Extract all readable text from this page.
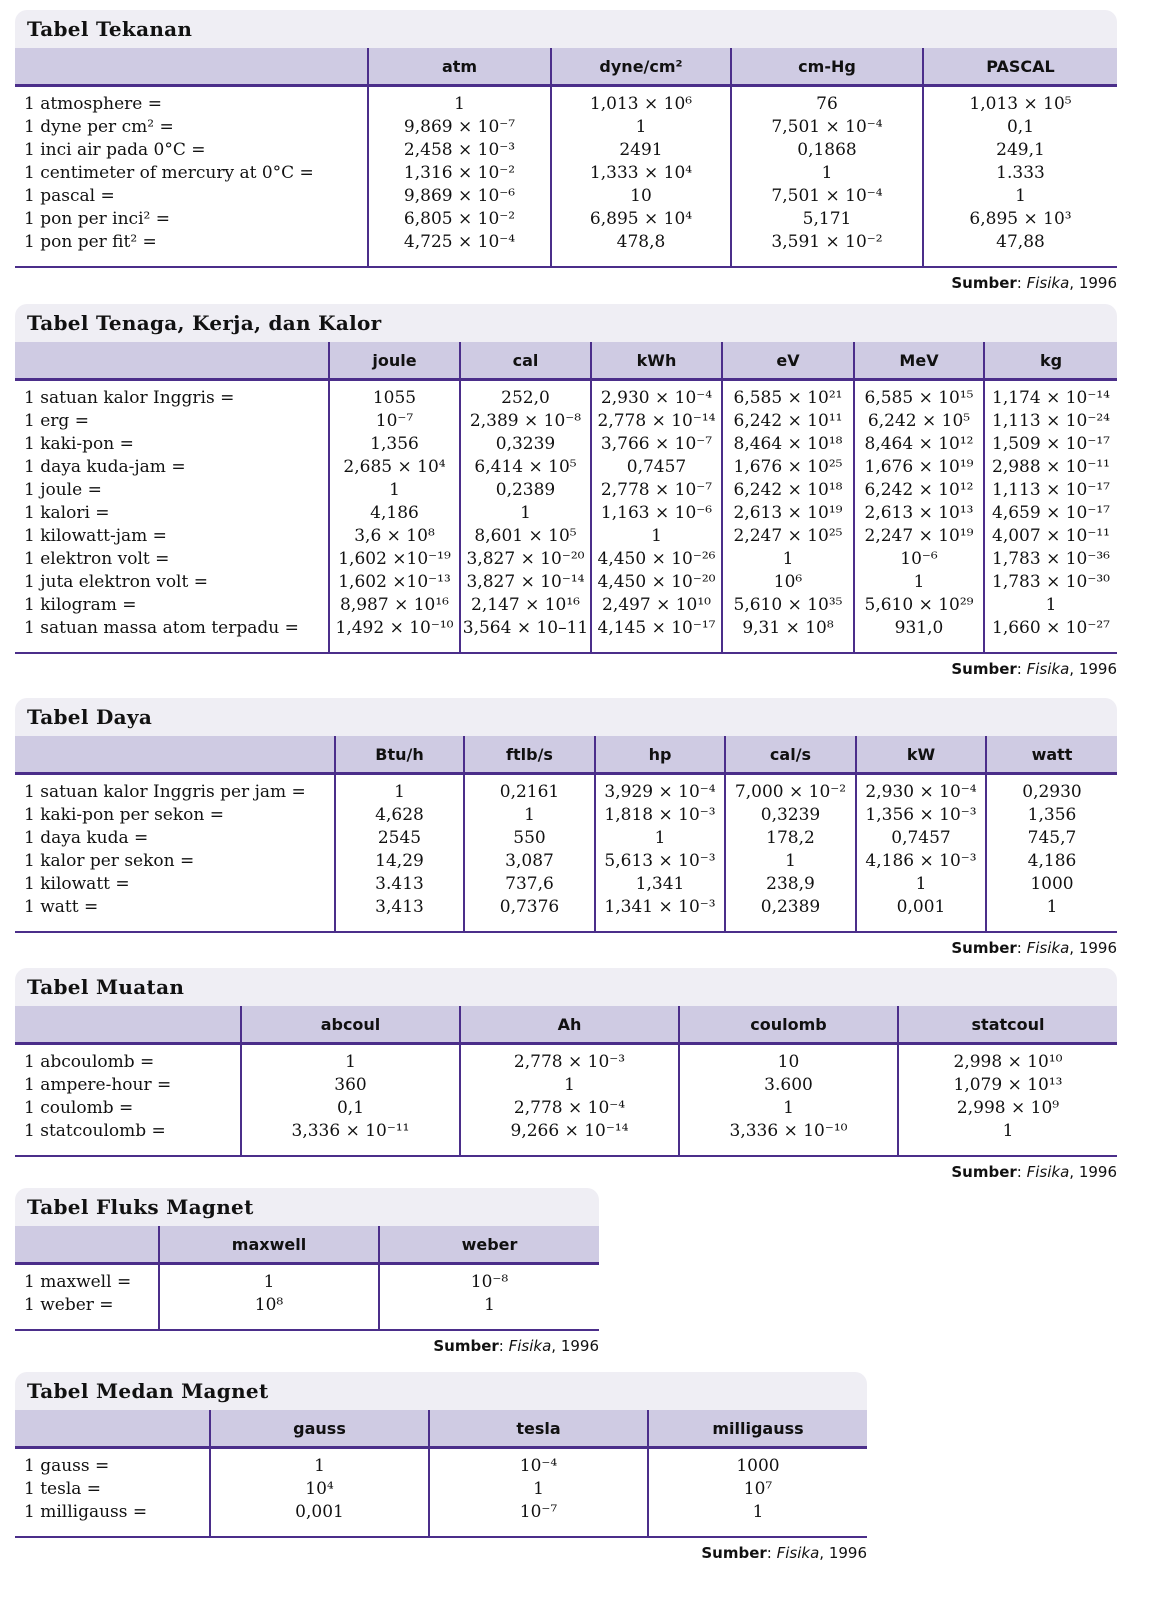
Tabel Tekanan
	atm	dyne/cm²	cm-Hg	PASCAL
1 atmosphere =	1	1,013 × 10⁶	76	1,013 × 10⁵
1 dyne per cm² =	9,869 × 10⁻⁷	1	7,501 × 10⁻⁴	0,1
1 inci air pada 0°C =	2,458 × 10⁻³	2491	0,1868	249,1
1 centimeter of mercury at 0°C =	1,316 × 10⁻²	1,333 × 10⁴	1	1.333
1 pascal =	9,869 × 10⁻⁶	10	7,501 × 10⁻⁴	1
1 pon per inci² =	6,805 × 10⁻²	6,895 × 10⁴	5,171	6,895 × 10³
1 pon per fit² =	4,725 × 10⁻⁴	478,8	3,591 × 10⁻²	47,88
Sumber: Fisika, 1996
Tabel Tenaga, Kerja, dan Kalor
	joule	cal	kWh	eV	MeV	kg
1 satuan kalor Inggris =	1055	252,0	2,930 × 10⁻⁴	6,585 × 10²¹	6,585 × 10¹⁵	1,174 × 10⁻¹⁴
1 erg =	10⁻⁷	2,389 × 10⁻⁸	2,778 × 10⁻¹⁴	6,242 × 10¹¹	6,242 × 10⁵	1,113 × 10⁻²⁴
1 kaki-pon =	1,356	0,3239	3,766 × 10⁻⁷	8,464 × 10¹⁸	8,464 × 10¹²	1,509 × 10⁻¹⁷
1 daya kuda-jam =	2,685 × 10⁴	6,414 × 10⁵	0,7457	1,676 × 10²⁵	1,676 × 10¹⁹	2,988 × 10⁻¹¹
1 joule =	1	0,2389	2,778 × 10⁻⁷	6,242 × 10¹⁸	6,242 × 10¹²	1,113 × 10⁻¹⁷
1 kalori =	4,186	1	1,163 × 10⁻⁶	2,613 × 10¹⁹	2,613 × 10¹³	4,659 × 10⁻¹⁷
1 kilowatt-jam =	3,6 × 10⁸	8,601 × 10⁵	1	2,247 × 10²⁵	2,247 × 10¹⁹	4,007 × 10⁻¹¹
1 elektron volt =	1,602 ×10⁻¹⁹	3,827 × 10⁻²⁰	4,450 × 10⁻²⁶	1	10⁻⁶	1,783 × 10⁻³⁶
1 juta elektron volt =	1,602 ×10⁻¹³	3,827 × 10⁻¹⁴	4,450 × 10⁻²⁰	10⁶	1	1,783 × 10⁻³⁰
1 kilogram =	8,987 × 10¹⁶	2,147 × 10¹⁶	2,497 × 10¹⁰	5,610 × 10³⁵	5,610 × 10²⁹	1
1 satuan massa atom terpadu =	1,492 × 10⁻¹⁰	3,564 × 10–11	4,145 × 10⁻¹⁷	9,31 × 10⁸	931,0	1,660 × 10⁻²⁷
Sumber: Fisika, 1996
Tabel Daya
	Btu/h	ftlb/s	hp	cal/s	kW	watt
1 satuan kalor Inggris per jam =	1	0,2161	3,929 × 10⁻⁴	7,000 × 10⁻²	2,930 × 10⁻⁴	0,2930
1 kaki-pon per sekon =	4,628	1	1,818 × 10⁻³	0,3239	1,356 × 10⁻³	1,356
1 daya kuda =	2545	550	1	178,2	0,7457	745,7
1 kalor per sekon =	14,29	3,087	5,613 × 10⁻³	1	4,186 × 10⁻³	4,186
1 kilowatt =	3.413	737,6	1,341	238,9	1	1000
1 watt =	3,413	0,7376	1,341 × 10⁻³	0,2389	0,001	1
Sumber: Fisika, 1996
Tabel Muatan
	abcoul	Ah	coulomb	statcoul
1 abcoulomb =	1	2,778 × 10⁻³	10	2,998 × 10¹⁰
1 ampere-hour =	360	1	3.600	1,079 × 10¹³
1 coulomb =	0,1	2,778 × 10⁻⁴	1	2,998 × 10⁹
1 statcoulomb =	3,336 × 10⁻¹¹	9,266 × 10⁻¹⁴	3,336 × 10⁻¹⁰	1
Sumber: Fisika, 1996
Tabel Fluks Magnet
	maxwell	weber
1 maxwell =	1	10⁻⁸
1 weber =	10⁸	1
Sumber: Fisika, 1996
Tabel Medan Magnet
	gauss	tesla	milligauss
1 gauss =	1	10⁻⁴	1000
1 tesla =	10⁴	1	10⁷
1 milligauss =	0,001	10⁻⁷	1
Sumber: Fisika, 1996
